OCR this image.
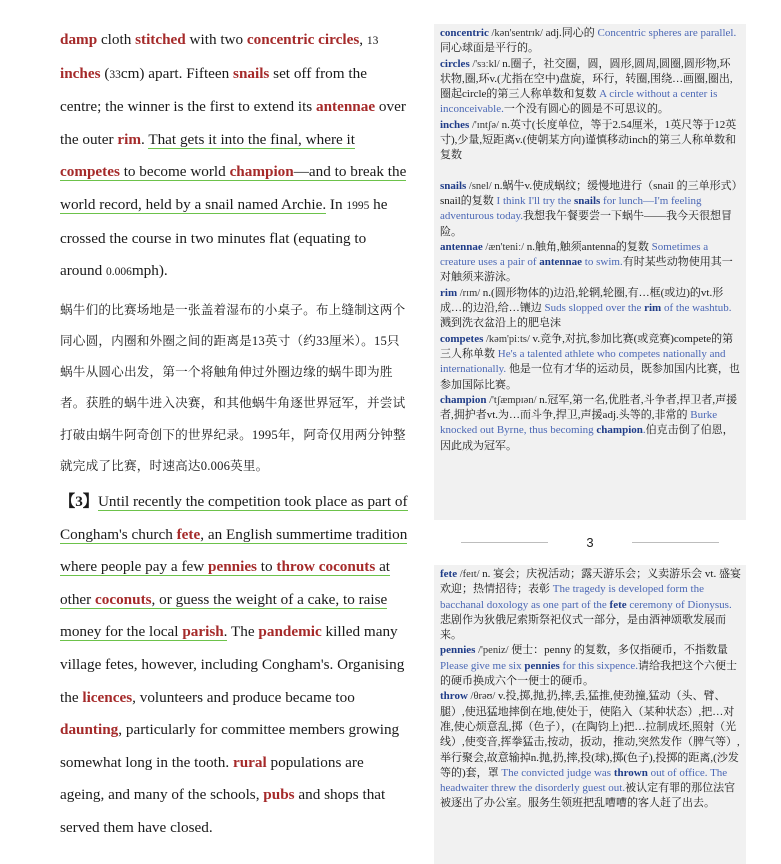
damp cloth stitched with two concentric circles, 13 inches (33cm) apart. Fifteen snails set off from the centre; the winner is the first to extend its antennae over the outer rim. That gets it into the final, where it competes to become world champion—and to break the world record, held by a snail named Archie. In 1995 he crossed the course in two minutes flat (equating to around 0.006mph).

蜗牛们的比赛场地是一张盖着湿布的小桌子。布上缝制这两个同心圆，内圈和外圈之间的距离是13英寸（约33厘米）。15只蜗牛从圆心出发，第一个将触角伸过外圈边缘的蜗牛即为胜者。获胜的蜗牛进入决赛，和其他蜗牛角逐世界冠军，并尝试打破由蜗牛阿奇创下的世界纪录。1995年，阿奇仅用两分钟整就完成了比赛，时速高达0.006英里。

【3】Until recently the competition took place as part of Congham's church fete, an English summertime tradition where people pay a few pennies to throw coconuts at other coconuts, or guess the weight of a cake, to raise money for the local parish. The pandemic killed many village fetes, however, including Congham's. Organising the licences, volunteers and produce became too daunting, particularly for committee members growing somewhat long in the tooth. rural populations are ageing, and many of the schools, pubs and shops that served them have closed.

concentric /kən'sentrɪk/ adj.同心的 Concentric spheres are parallel.同心球面是平行的。

circles /'sɜːkl/ n.圈子，社交圈，圆，圆形,圆周,圆圈,圆形物,环状物,圈,环v.(尤指在空中)盘旋，环行，转圈,围绕…画圈,圈出,圈起circle的第三人称单数和复数 A circle without a center is inconceivable.一个没有圆心的圆是不可思议的。

inches /'ɪntʃə/ n.英寸(长度单位，等于2.54厘米，1英尺等于12英寸),少量,短距离v.(使朝某方向)谨慎移动inch的第三人称单数和复数

snails /snel/ n.蜗牛v.使成蜗纹；缓慢地进行（snail 的三单形式）snail的复数 I think I'll try the snails for lunch—I'm feeling adventurous today.我想我午餐要尝一下蜗牛——我今天很想冒险。

antennae /æn'teniː/ n.触角,触须antenna的复数 Sometimes a creature uses a pair of antennae to swim.有时某些动物使用其一对触须来游泳。

rim /rɪm/ n.(圆形物体的)边沿,轮辋,轮圈,有…框(或边)的vt.形成…的边沿,给…镶边 Suds slopped over the rim of the washtub.溅到洗衣盆沿上的肥皂沫

competes /kəm'piːts/ v.竞争,对抗,参加比赛(或竞赛)compete的第三人称单数 He's a talented athlete who competes nationally and internationally. 他是一位有才华的运动员，既参加国内比赛，也参加国际比赛。

champion /'tʃæmpɪən/ n.冠军,第一名,优胜者,斗争者,捍卫者,声援者,拥护者vt.为…而斗争,捍卫,声援adj.头等的,非常的 Burke knocked out Byrne, thus becoming champion.伯克击倒了伯恩，因此成为冠军。

3

fete /feɪt/ n. 宴会；庆祝活动；露天游乐会；义卖游乐会 vt. 盛宴欢迎；热情招待；表彰 The tragedy is developed form the bacchanal doxology as one part of the fete ceremony of Dionysus.悲剧作为狄俄尼索斯祭祀仪式一部分，是由酒神颂歌发展而来。

pennies /'peniz/ 便士：penny 的复数，多仅指硬币，不指数量 Please give me six pennies for this sixpence.请给我把这个六便士的硬币换成六个一便士的硬币。

throw /θrəʊ/ v.投,掷,抛,扔,摔,丢,猛推,使劲撞,猛动（头、臂、腿）,使迅猛地摔倒在地,使处于，使陷入（某种状态）,把…对准,使心烦意乱,掷（色子），(在陶钧上)把…拉制成坯,照射（光线）,使变音,挥拳猛击,按动，扳动，推动,突然发作（脾气等）,举行聚会,故意输掉n.抛,扔,摔,投(球),掷(色子),投掷的距离,(沙发等的)套，罩 The convicted judge was thrown out of office. The headwaiter threw the disorderly guest out.被认定有罪的那位法官被逐出了办公室。服务生领班把乱嘈嘈的客人赶了出去。
